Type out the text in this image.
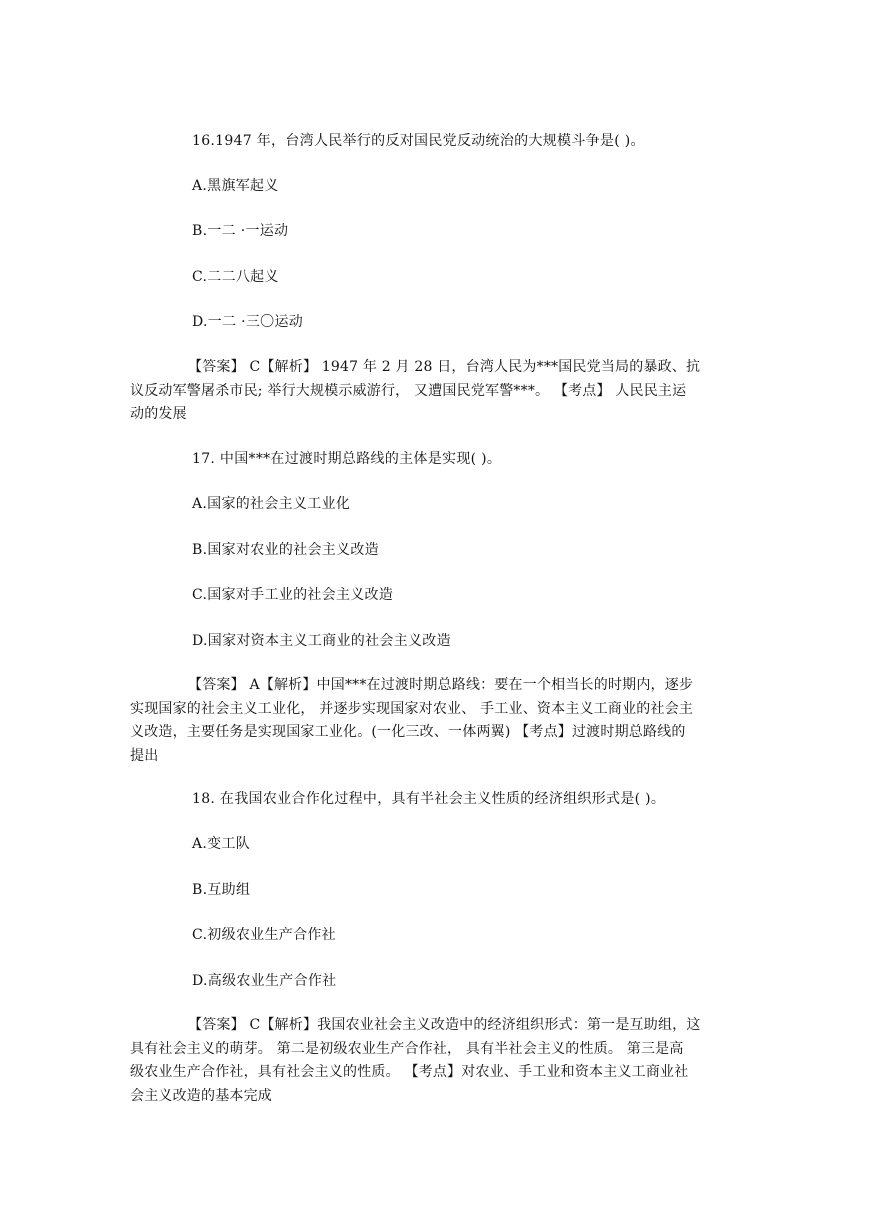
16.1947 年，台湾人民举行的反对国民党反动统治的大规模斗争是( )。
A.黑旗军起义
B.一二 ·一运动
C.二二八起义
D.一二 ·三〇运动
【答案】 C【解析】 1947 年 2 月 28 日，台湾人民为***国民党当局的暴政、抗
议反动军警屠杀市民; 举行大规模示威游行， 又遭国民党军警***。 【考点】 人民民主运
动的发展
17. 中国***在过渡时期总路线的主体是实现( )。
A.国家的社会主义工业化
B.国家对农业的社会主义改造
C.国家对手工业的社会主义改造
D.国家对资本主义工商业的社会主义改造
【答案】 A【解析】中国***在过渡时期总路线：要在一个相当长的时期内，逐步
实现国家的社会主义工业化， 并逐步实现国家对农业、 手工业、资本主义工商业的社会主
义改造，主要任务是实现国家工业化。(一化三改、一体两翼) 【考点】过渡时期总路线的
提出
18. 在我国农业合作化过程中，具有半社会主义性质的经济组织形式是( )。
A.变工队
B.互助组
C.初级农业生产合作社
D.高级农业生产合作社
【答案】 C【解析】我国农业社会主义改造中的经济组织形式：第一是互助组，这
具有社会主义的萌芽。 第二是初级农业生产合作社， 具有半社会主义的性质。 第三是高
级农业生产合作社，具有社会主义的性质。 【考点】对农业、手工业和资本主义工商业社
会主义改造的基本完成
